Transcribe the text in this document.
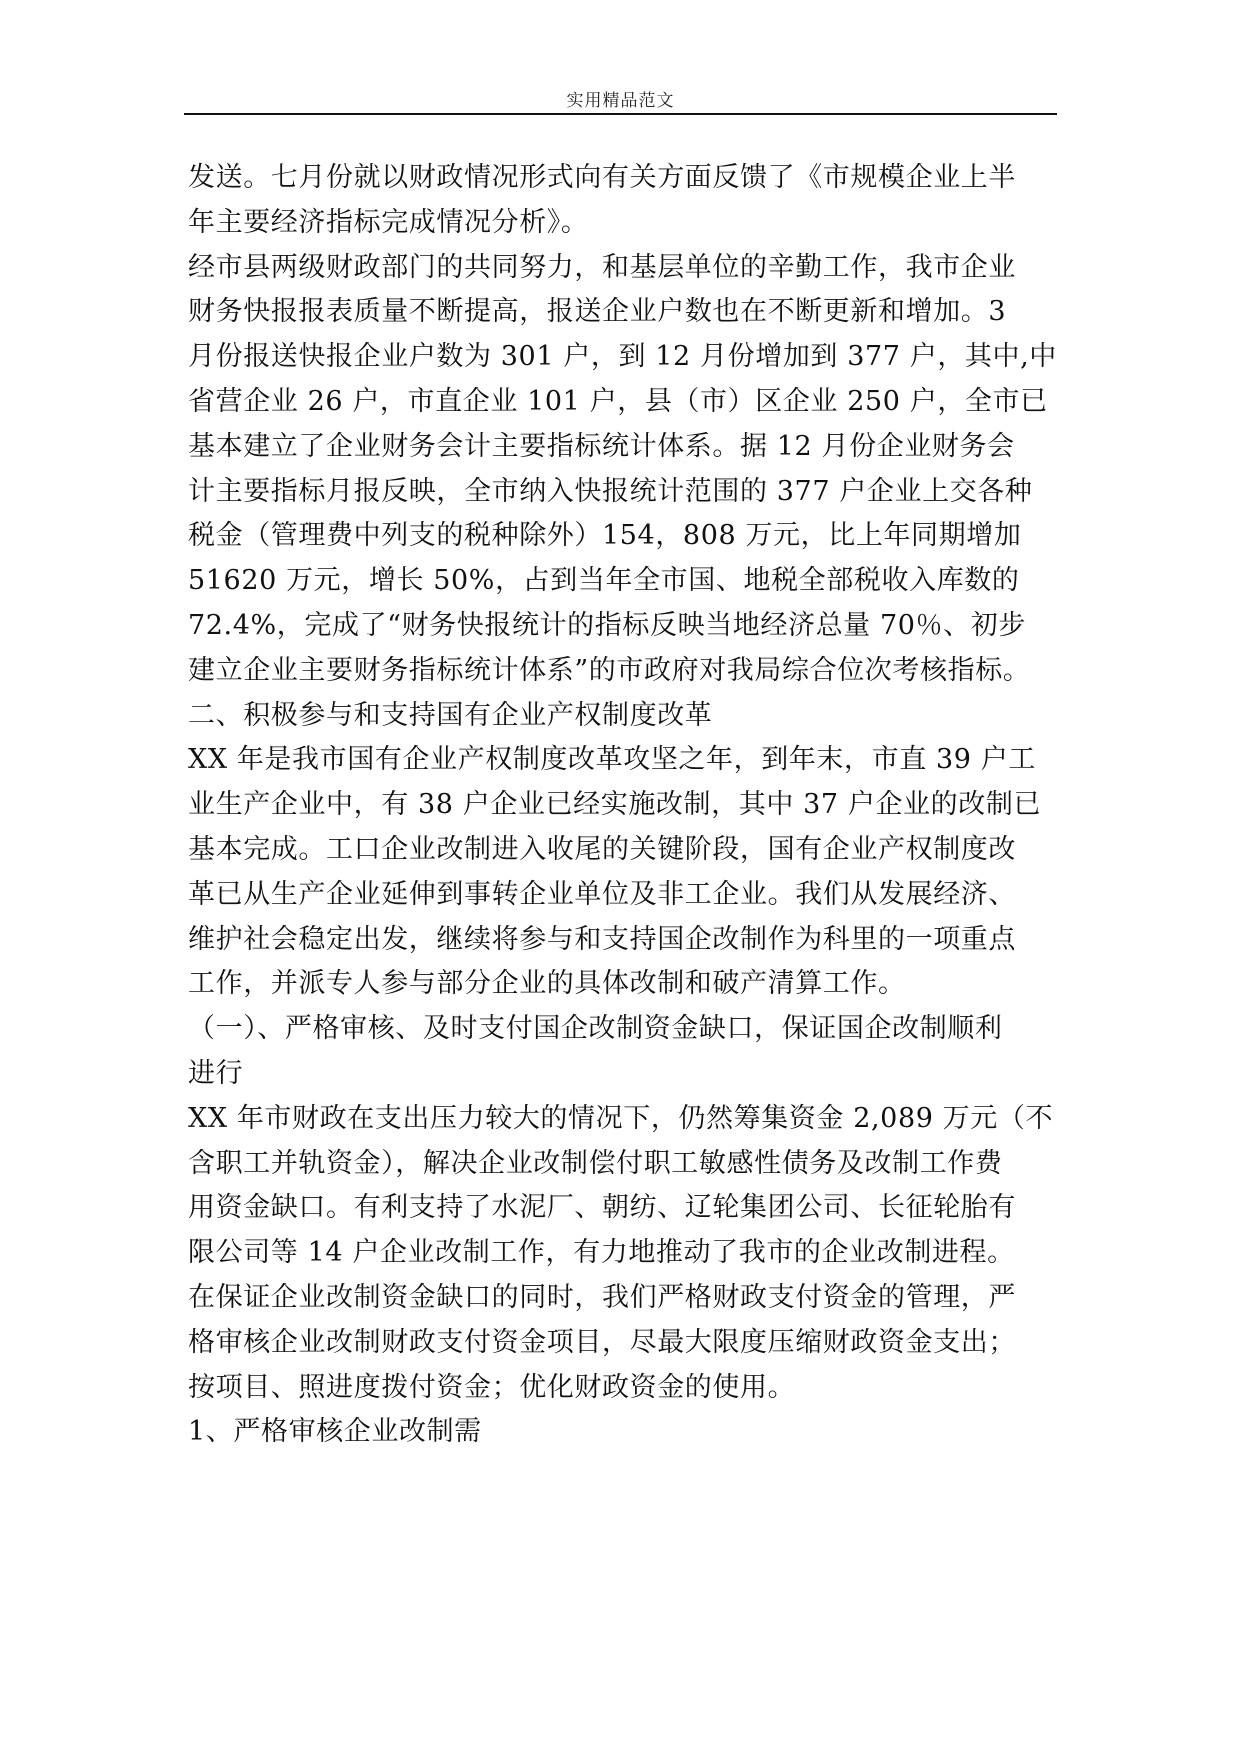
实用精品范文
发送。七月份就以财政情况形式向有关方面反馈了《市规模企业上半
年主要经济指标完成情况分析》。
经市县两级财政部门的共同努力，和基层单位的辛勤工作，我市企业
财务快报报表质量不断提高，报送企业户数也在不断更新和增加。3
月份报送快报企业户数为 301 户，到 12 月份增加到 377 户，其中,中
省营企业 26 户，市直企业 101 户，县（市）区企业 250 户，全市已
基本建立了企业财务会计主要指标统计体系。据 12 月份企业财务会
计主要指标月报反映，全市纳入快报统计范围的 377 户企业上交各种
税金（管理费中列支的税种除外）154，808 万元，比上年同期增加
51620 万元，增长 50%，占到当年全市国、地税全部税收入库数的
72.4%，完成了“财务快报统计的指标反映当地经济总量 70％、初步
建立企业主要财务指标统计体系”的市政府对我局综合位次考核指标。
二、积极参与和支持国有企业产权制度改革
XX 年是我市国有企业产权制度改革攻坚之年，到年末，市直 39 户工
业生产企业中，有 38 户企业已经实施改制，其中 37 户企业的改制已
基本完成。工口企业改制进入收尾的关键阶段，国有企业产权制度改
革已从生产企业延伸到事转企业单位及非工企业。我们从发展经济、
维护社会稳定出发，继续将参与和支持国企改制作为科里的一项重点
工作，并派专人参与部分企业的具体改制和破产清算工作。
（一）、严格审核、及时支付国企改制资金缺口，保证国企改制顺利
进行
XX 年市财政在支出压力较大的情况下，仍然筹集资金 2,089 万元（不
含职工并轨资金），解决企业改制偿付职工敏感性债务及改制工作费
用资金缺口。有利支持了水泥厂、朝纺、辽轮集团公司、长征轮胎有
限公司等 14 户企业改制工作，有力地推动了我市的企业改制进程。
在保证企业改制资金缺口的同时，我们严格财政支付资金的管理，严
格审核企业改制财政支付资金项目，尽最大限度压缩财政资金支出；
按项目、照进度拨付资金；优化财政资金的使用。
1、严格审核企业改制需
